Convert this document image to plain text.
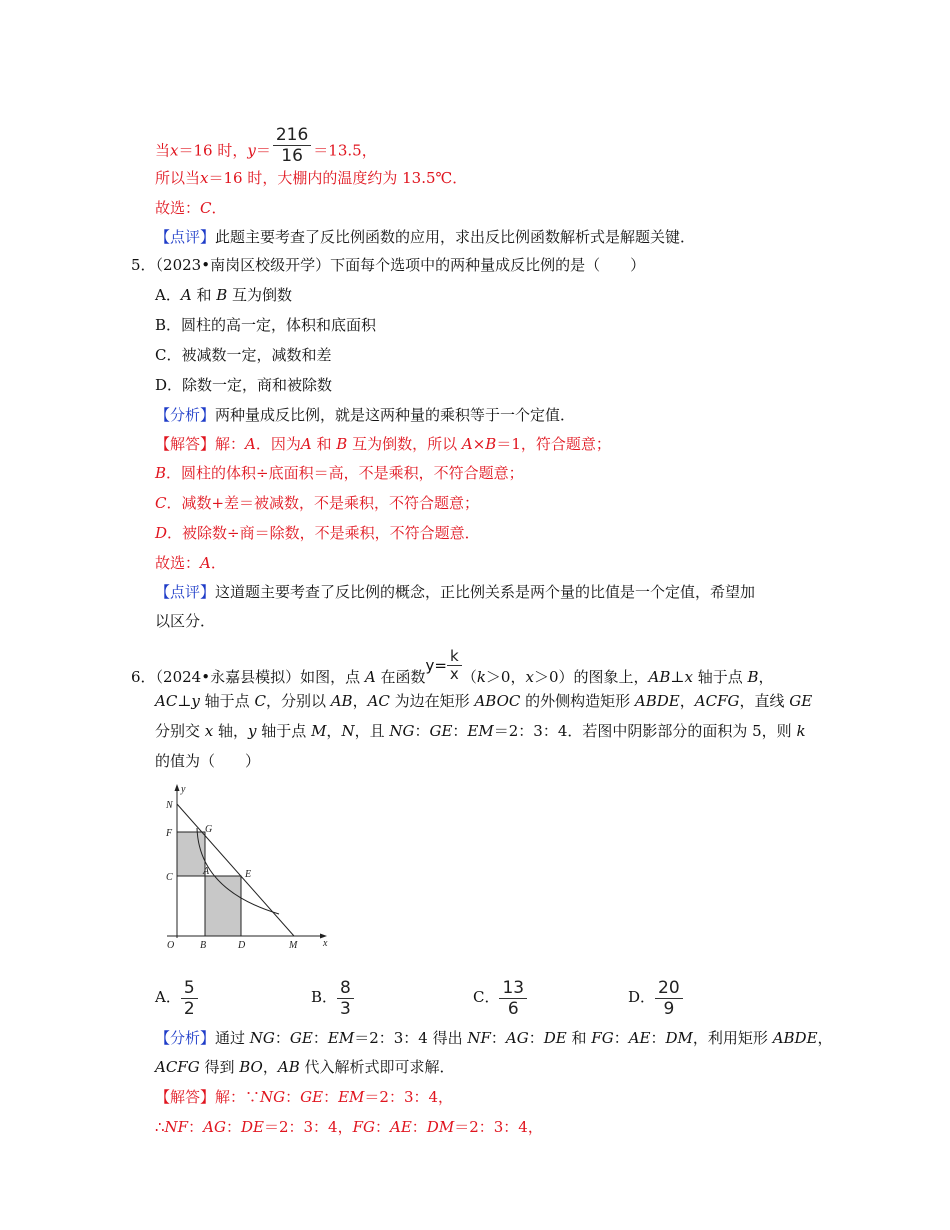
当x＝16 时，$y= \frac{216}{16} =13.5$，
所以当x＝16 时，大棚内的温度约为 13.5℃．
故选：C．
【点评】此题主要考查了反比例函数的应用，求出反比例函数解析式是解题关键．
5．（2023•南岗区校级开学）下面每个选项中的两种量成反比例的是（　　）
A．A 和 B 互为倒数
B．圆柱的高一定，体积和底面积
C．被减数一定，减数和差
D．除数一定，商和被除数
【分析】两种量成反比例，就是这两种量的乘积等于一个定值．
【解答】解：A．因为A 和 B 互为倒数，所以 A×B＝1，符合题意；
B．圆柱的体积÷底面积＝高，不是乘积，不符合题意；
C．减数+差＝被减数，不是乘积，不符合题意；
D．被除数÷商＝除数，不是乘积，不符合题意．
故选：A．
【点评】这道题主要考查了反比例的概念，正比例关系是两个量的比值是一个定值，希望加
以区分．
6．（2024•永嘉县模拟）如图，点 A 在函数$y= \frac{k}{x} (k>0$，x＞0）的图象上，AB⊥x 轴于点 B，
AC⊥y 轴于点 C，分别以 AB，AC 为边在矩形 ABOC 的外侧构造矩形 ABDE，ACFG，直线 GE
分别交 x 轴，y 轴于点 M，N，且 NG：GE：EM＝2：3：4．若图中阴影部分的面积为 5，则 k
的值为（　　）
y
x
N
F	G
C
A	E
O	B	D	M
A． $\frac{5}{2}$	B． $\frac{8}{3}$	C． $\frac{13}{6}$	D． $\frac{20}{9}$
【分析】通过 NG：GE：EM＝2：3：4 得出 NF：AG：DE 和 FG：AE：DM，利用矩形 ABDE，
ACFG 得到 BO，AB 代入解析式即可求解．
【解答】解：∵NG：GE：EM＝2：3：4，
∴NF：AG：DE＝2：3：4，FG：AE：DM＝2：3：4，
